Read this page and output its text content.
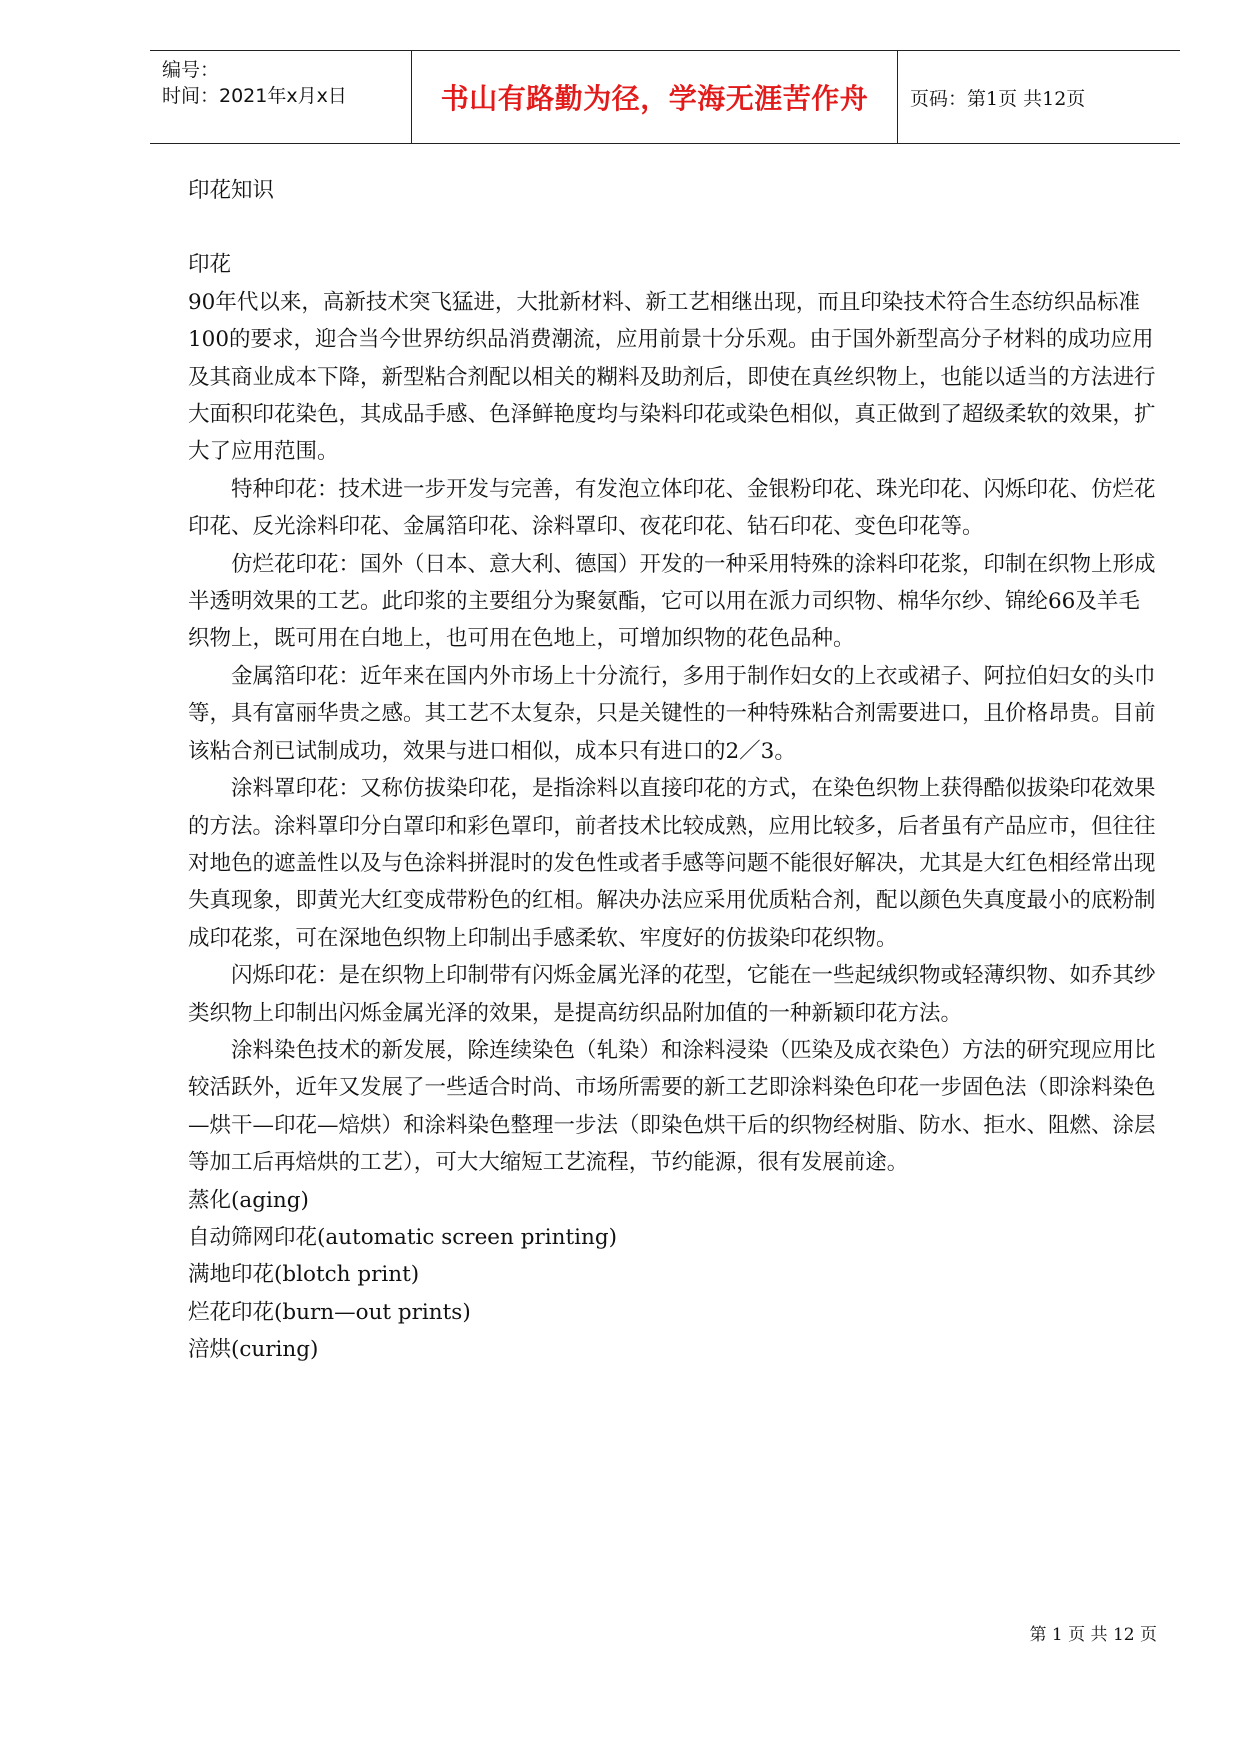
编号：
时间：2021年x月x日	书山有路勤为径，学海无涯苦作舟 页码：第1页 共12页

印花知识

印花

90年代以来，高新技术突飞猛进，大批新材料、新工艺相继出现，而且印染技术符合生态纺织品标准100的要求，迎合当今世界纺织品消费潮流，应用前景十分乐观。由于国外新型高分子材料的成功应用及其商业成本下降，新型粘合剂配以相关的糊料及助剂后，即使在真丝织物上，也能以适当的方法进行大面积印花染色，其成品手感、色泽鲜艳度均与染料印花或染色相似，真正做到了超级柔软的效果，扩大了应用范围。

特种印花：技术进一步开发与完善，有发泡立体印花、金银粉印花、珠光印花、闪烁印花、仿烂花印花、反光涂料印花、金属箔印花、涂料罩印、夜花印花、钻石印花、变色印花等。

仿烂花印花：国外（日本、意大利、德国）开发的一种采用特殊的涂料印花浆，印制在织物上形成半透明效果的工艺。此印浆的主要组分为聚氨酯，它可以用在派力司织物、棉华尔纱、锦纶66及羊毛织物上，既可用在白地上，也可用在色地上，可增加织物的花色品种。

金属箔印花：近年来在国内外市场上十分流行，多用于制作妇女的上衣或裙子、阿拉伯妇女的头巾等，具有富丽华贵之感。其工艺不太复杂，只是关键性的一种特殊粘合剂需要进口，且价格昂贵。目前该粘合剂已试制成功，效果与进口相似，成本只有进口的2／3。

涂料罩印花：又称仿拔染印花，是指涂料以直接印花的方式，在染色织物上获得酷似拔染印花效果的方法。涂料罩印分白罩印和彩色罩印，前者技术比较成熟，应用比较多，后者虽有产品应市，但往往对地色的遮盖性以及与色涂料拼混时的发色性或者手感等问题不能很好解决，尤其是大红色相经常出现失真现象，即黄光大红变成带粉色的红相。解决办法应采用优质粘合剂，配以颜色失真度最小的底粉制成印花浆，可在深地色织物上印制出手感柔软、牢度好的仿拔染印花织物。

闪烁印花：是在织物上印制带有闪烁金属光泽的花型，它能在一些起绒织物或轻薄织物、如乔其纱类织物上印制出闪烁金属光泽的效果，是提高纺织品附加值的一种新颖印花方法。

涂料染色技术的新发展，除连续染色（轧染）和涂料浸染（匹染及成衣染色）方法的研究现应用比较活跃外，近年又发展了一些适合时尚、市场所需要的新工艺即涂料染色印花一步固色法（即涂料染色—烘干—印花—焙烘）和涂料染色整理一步法（即染色烘干后的织物经树脂、防水、拒水、阻燃、涂层等加工后再焙烘的工艺），可大大缩短工艺流程，节约能源，很有发展前途。

蒸化(aging)

自动筛网印花(automatic screen printing)

满地印花(blotch print)

烂花印花(burn—out prints)

涪烘(curing)

第 1 页 共 12 页
